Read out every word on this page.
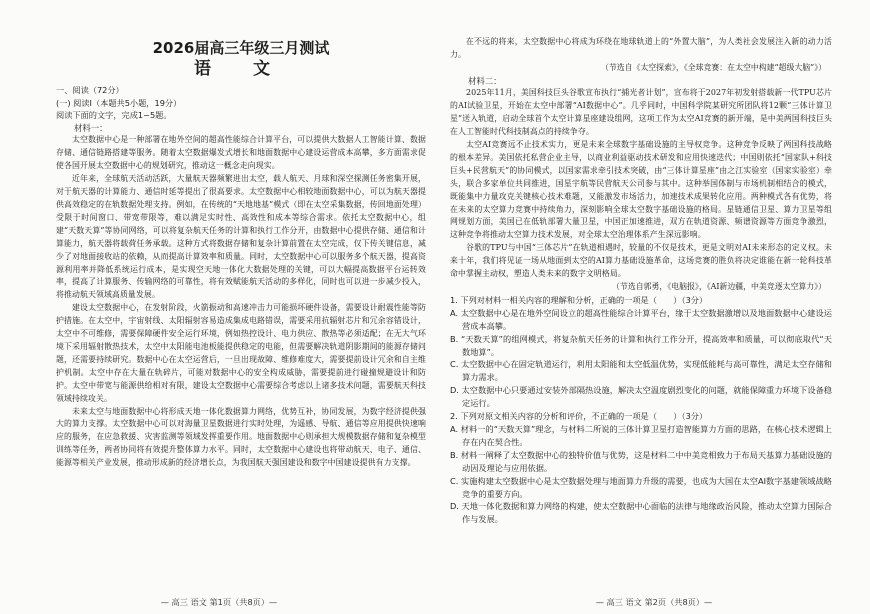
2026届高三年级三月测试
语 文
一、阅读（72分）
(一) 阅读Ⅰ（本题共5小题，19分）
阅读下面的文字，完成1~5题。
材料一：

太空数据中心是一种部署在地外空间的超高性能综合计算平台，可以提供大数据人工智能计算、数据存储、通信链路搭建等服务。随着太空数据爆发式增长和地面数据中心建设运营成本高攀，多方面需求促使各国开展太空数据中心的规划研究，推动这一概念走向现实。

近年来，全球航天活动活跃，大量航天器频繁进出太空，载人航天、月球和深空探测任务密集开展，对于航天器的计算能力、通信时延等提出了很高要求。太空数据中心相较地面数据中心，可以为航天器提供高效稳定的在轨数据处理支持。例如，在传统的“天地地基”模式（即在太空采集数据，传回地面处理）受限于时间窗口、带宽带限等，难以满足实时性、高效性和成本等综合需求。依托太空数据中心，组建“天数天算”等协同网络，可以将复杂航天任务的计算和执行工作分开，由数据中心提供存储、通信和计算能力，航天器将载荷任务承载。这种方式将数据存储和复杂计算前置在太空完成，仅下传关键信息，减少了对地面接收站的依赖，从而提高计算效率和质量。同时，太空数据中心可以服务多个航天器，提高资源利用率并降低系统运行成本，是实现空天地一体化大数据处理的关键，可以大幅提高数据平台运转效率，提高了计算服务、传输网络的可靠性，将有效赋能航天活动的多样化，同时也可以进一步减少投入，将推动航天领域高质量发展。

建设太空数据中心，在发射阶段，火箭振动和高速冲击力可能损坏硬件设备，需要设计耐震性能等防护措施。在太空中，宇宙射线、太阳辐射容易造成集成电路错误，需要采用抗辐射芯片和冗余容错设计，太空中不可维修，需要保障硬件安全运行环境，例如热控设计、电力供应、散热等必须适配；在无大气环境下采用辐射散热技术，太空中太阳能电池板能提供稳定的电能，但需要解决轨道阴影期间的能源存储问题，还需要持续研究。数据中心在太空运营后，一旦出现故障、维修难度大，需要提前设计冗余和自主维护机制。太空中存在大量在轨碎片，可能对数据中心的安全构成威胁，需要提前进行碰撞规避设计和防护。太空中带宽与能源供给相对有限，建设太空数据中心需要综合考虑以上诸多技术问题，需要航天科技领域持续攻关。

未来太空与地面数据中心将形成天地一体化数据算力网络，优势互补，协同发展，为数字经济提供强大的算力支撑。太空数据中心可以对海量卫星数据进行实时处理，为遥感、导航、通信等应用提供快速响应的服务，在应急救援、灾害监测等领域发挥重要作用。地面数据中心则承担大规模数据存储和复杂模型训练等任务，两者协同将有效提升整体算力水平。同时，太空数据中心建设也将带动航天、电子、通信、能源等相关产业发展，推动形成新的经济增长点，为我国航天强国建设和数字中国建设提供有力支撑。

在不远的将来，太空数据中心将成为环绕在地球轨道上的“外置大脑”，为人类社会发展注入新的动力活力。

（节选自《太空探索》，《全球竞赛：在太空中构建“超级大脑”》）

材料二：

2025年11月，美国科技巨头谷歌宣布执行“捕光者计划”，宣布将于2027年初发射搭载新一代TPU芯片的AI试验卫星，开始在太空中部署“AI数据中心”。几乎同时，中国科学院某研究所团队将12颗“三体计算卫星”送入轨道，启动全球首个太空计算星座建设组网，这项工作为太空AI竞赛的新开端，是中美两国科技巨头在人工智能时代科技制高点的持续争夺。

太空AI竞赛远不止技术实力，更是未来全球数字基础设施的主导权竞争。这种竞争反映了两国科技战略的根本差异。美国依托私营企业主导，以商业利益驱动技术研发和应用快速迭代；中国则依托“国家队+科技巨头+民营航天”的协同模式，以国家需求牵引技术突破，由“三体计算星座”由之江实验室（国家实验室）牵头，联合多家单位共同推进，国星宇航等民营航天公司参与其中。这种举国体制与市场机制相结合的模式，既能集中力量攻克关键核心技术难题，又能激发市场活力，加速技术成果转化应用。两种模式各有优势，将在未来的太空算力竞赛中持续角力，深刻影响全球太空数字基础设施的格局。星链通信卫星、算力卫星等组网规划方面，美国已在低轨部署大量卫星，中国正加速推进，双方在轨道资源、频谱资源等方面竞争激烈，这种竞争将推动太空算力技术发展，对全球太空治理体系产生深远影响。

谷歌的TPU与中国“三体芯片”在轨道相遇时，较量的不仅是技术，更是文明对AI未来形态的定义权。未来十年，我们将见证一场从地面到太空的AI算力基础设施革命，这场竞赛的胜负将决定谁能在新一轮科技革命中掌握主动权，塑造人类未来的数字文明格局。

（节选自郭勇，《电脑报》，《AI新边疆，中美竞逐太空算力》）

1. 下列对材料一相关内容的理解和分析，正确的一项是（　　）（3分）
A. 太空数据中心是在地外空间设立的超高性能综合计算平台，缘于太空数据激增以及地面数据中心建设运营成本高攀。
B. “天数天算”的组网模式，将复杂航天任务的计算和执行工作分开，提高效率和质量，可以彻底取代“天数地算”。
C. 太空数据中心在固定轨道运行，利用太阳能和太空低温优势，实现低能耗与高可靠性，满足太空存储和算力需求。
D. 太空数据中心只要通过安装外部隔热设施，解决太空温度剧烈变化的问题，就能保障重力环境下设备稳定运行。
2. 下列对原文相关内容的分析和评价，不正确的一项是（　　）（3分）
A. 材料一的“天数天算”理念，与材料二所说的三体计算卫星打造智能算力方面的思路，在核心技术逻辑上存在内在契合性。
B. 材料一阐释了太空数据中心的独特价值与优势，这是材料二中中美竞相致力于布局天基算力基础设施的动因及理论与应用依据。
C. 实施构建太空数据中心是太空数据处理与地面算力升级的需要，也成为大国在太空AI数字基建领域战略竞争的重要方向。
D. 天地一体化数据和算力网络的构建，使太空数据中心面临的法律与地缘政治风险，推动太空算力国际合作与发展。
— 高三 语文 第1页（共8页）—	— 高三 语文 第2页（共8页）—
